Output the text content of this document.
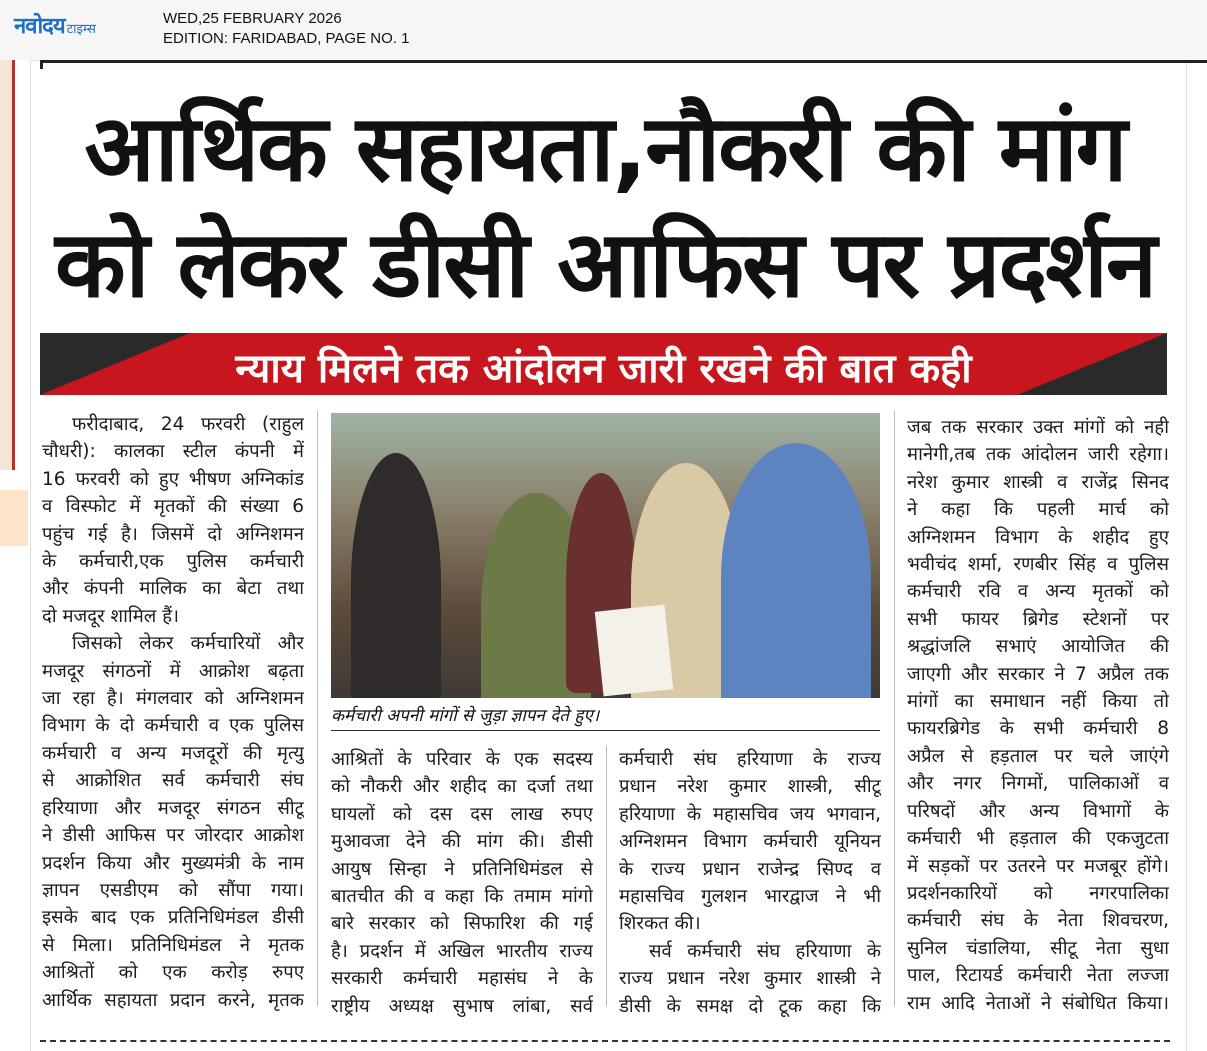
नवोदय टाइम्स
WED,25 FEBRUARY 2026
EDITION: FARIDABAD, PAGE NO. 1
आर्थिक सहायता,नौकरी की मांग
को लेकर डीसी आफिस पर प्रदर्शन
न्याय मिलने तक आंदोलन जारी रखने की बात कही
फरीदाबाद, 24 फरवरी (राहुल
चौधरी): कालका स्टील कंपनी में
16 फरवरी को हुए भीषण अग्निकांड
व विस्फोट में मृतकों की संख्या 6
पहुंच गई है। जिसमें दो अग्निशमन
के कर्मचारी,एक पुलिस कर्मचारी
और कंपनी मालिक का बेटा तथा
दो मजदूर शामिल हैं।
जिसको लेकर कर्मचारियों और
मजदूर संगठनों में आक्रोश बढ़ता
जा रहा है। मंगलवार को अग्निशमन
विभाग के दो कर्मचारी व एक पुलिस
कर्मचारी व अन्य मजदूरों की मृत्यु
से आक्रोशित सर्व कर्मचारी संघ
हरियाणा और मजदूर संगठन सीटू
ने डीसी आफिस पर जोरदार आक्रोश
प्रदर्शन किया और मुख्यमंत्री के नाम
ज्ञापन एसडीएम को सौंपा गया।
इसके बाद एक प्रतिनिधिमंडल डीसी
से मिला। प्रतिनिधिमंडल ने मृतक
आश्रितों को एक करोड़ रुपए
आर्थिक सहायता प्रदान करने, मृतक
कर्मचारी अपनी मांगों से जुड़ा ज्ञापन देते हुए।
आश्रितों के परिवार के एक सदस्य
को नौकरी और शहीद का दर्जा तथा
घायलों को दस दस लाख रुपए
मुआवजा देने की मांग की। डीसी
आयुष सिन्हा ने प्रतिनिधिमंडल से
बातचीत की व कहा कि तमाम मांगो
बारे सरकार को सिफारिश की गई
है। प्रदर्शन में अखिल भारतीय राज्य
सरकारी कर्मचारी महासंघ ने के
राष्ट्रीय अध्यक्ष सुभाष लांबा, सर्व
कर्मचारी संघ हरियाणा के राज्य
प्रधान नरेश कुमार शास्त्री, सीटू
हरियाणा के महासचिव जय भगवान,
अग्निशमन विभाग कर्मचारी यूनियन
के राज्य प्रधान राजेन्द्र सिण्द व
महासचिव गुलशन भारद्वाज ने भी
शिरकत की।
सर्व कर्मचारी संघ हरियाणा के
राज्य प्रधान नरेश कुमार शास्त्री ने
डीसी के समक्ष दो टूक कहा कि
जब तक सरकार उक्त मांगों को नही
मानेगी,तब तक आंदोलन जारी रहेगा।
नरेश कुमार शास्त्री व राजेंद्र सिनद
ने कहा कि पहली मार्च को
अग्निशमन विभाग के शहीद हुए
भवीचंद शर्मा, रणबीर सिंह व पुलिस
कर्मचारी रवि व अन्य मृतकों को
सभी फायर ब्रिगेड स्टेशनों पर
श्रद्धांजलि सभाएं आयोजित की
जाएगी और सरकार ने 7 अप्रैल तक
मांगों का समाधान नहीं किया तो
फायरब्रिगेड के सभी कर्मचारी 8
अप्रैल से हड़ताल पर चले जाएंगे
और नगर निगमों, पालिकाओं व
परिषदों और अन्य विभागों के
कर्मचारी भी हड़ताल की एकजुटता
में सड़कों पर उतरने पर मजबूर होंगे।
प्रदर्शनकारियों को नगरपालिका
कर्मचारी संघ के नेता शिवचरण,
सुनिल चंडालिया, सीटू नेता सुधा
पाल, रिटायर्ड कर्मचारी नेता लज्जा
राम आदि नेताओं ने संबोधित किया।
